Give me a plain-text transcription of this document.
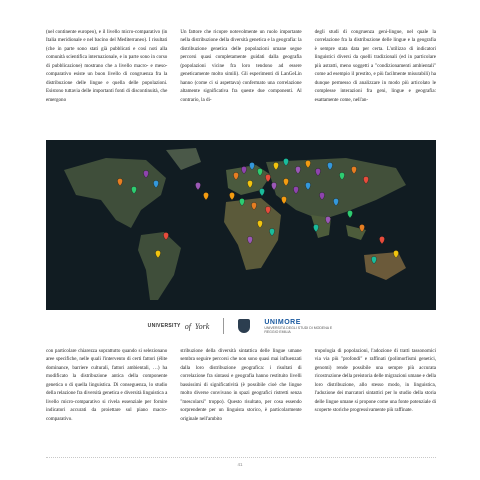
(nel continente europeo), e il livello micro-comparativo (in Italia meridionale e nel bacino del Mediterraneo). I risultati (che in parte sono stati già pubblicati e così noti alla comunità scientifica internazionale, e in parte sono in corso di pubblicazione) mostrano che a livello macro- e meso-comparativo esiste un buon livello di congruenza fra la distribuzione delle lingue e quella delle popolazioni. Esistono tuttavia delle importanti fonti di discontinuità, che emergono

Un fattore che ricopre notevolmente un ruolo importante nella distribuzione della diversità genetica e la geografia: la distribuzione genetica delle popolazioni umane segue percorsi quasi completamente guidati dalla geografia (popolazioni vicine fra loro tendono ad essere geneticamente molto simili). Gli esperimenti di LanGeLin hanno (come ci si aspettava) confermato una correlazione altamente significativa fra queste due componenti. Al contrario, la di-

degli studi di congruenza geni-lingue, nel quale la correlazione fra la distribuzione delle lingue e la geografia è sempre stata data per certa. L'utilizzo di indicatori linguistici diversi da quelli tradizionali (ed in particolare più astratti, meno soggetti a "condizionamenti ambientali" come ad esempio il prestito, e più facilmente misurabili) ha dunque permesso di analizzare in modo più articolato le complesse interazioni fra geni, lingue e geografia: esattamente come, nell'an-

UNIVERSITY of York	UNIMORE
UNIVERSITÀ DEGLI STUDI DI MODENA E REGGIO EMILIA

con particolare chiarezza soprattutto quando si selezionano aree specifiche, nelle quali l'intervento di certi fattori (élite dominance, barriere culturali, fattori ambientali, …) ha modificato la distribuzione antica della componente genetica o di quella linguistica. Di conseguenza, lo studio della relazione fra diversità genetica e diversità linguistica a livello micro-comparativo si rivela essenziale per fornire indicatori accurati da proiettare sul piano macro-comparativo.

stribuzione della diversità sintattica delle lingue umane sembra seguire percorsi che non sono quasi mai influenzati dalla loro distribuzione geografica: i risultati di correlazione fra sintassi e geografia hanno restituito livelli bassissimi di significatività (è possibile cioè che lingue molto diverse convivano in spazi geografici ristretti senza "mescolarsi" troppo). Questo risultato, per cosa essendo sorprendente per un linguista storico, è particolarmente originale nell'ambito

tropologia di popolazioni, l'adozione di tratti tassonomici via via più "profondi" e raffinati (polimorfismi genetici, genomi) rende possibile una sempre più accurata ricostruzione della preistoria delle migrazioni umane e della loro distribuzione, allo stesso modo, in linguistica, l'adozione dei marcatori sintattici per lo studio della storia delle lingue umane si propone come una fonte potenziale di scoperte storiche progressivamente più raffinate.

41
